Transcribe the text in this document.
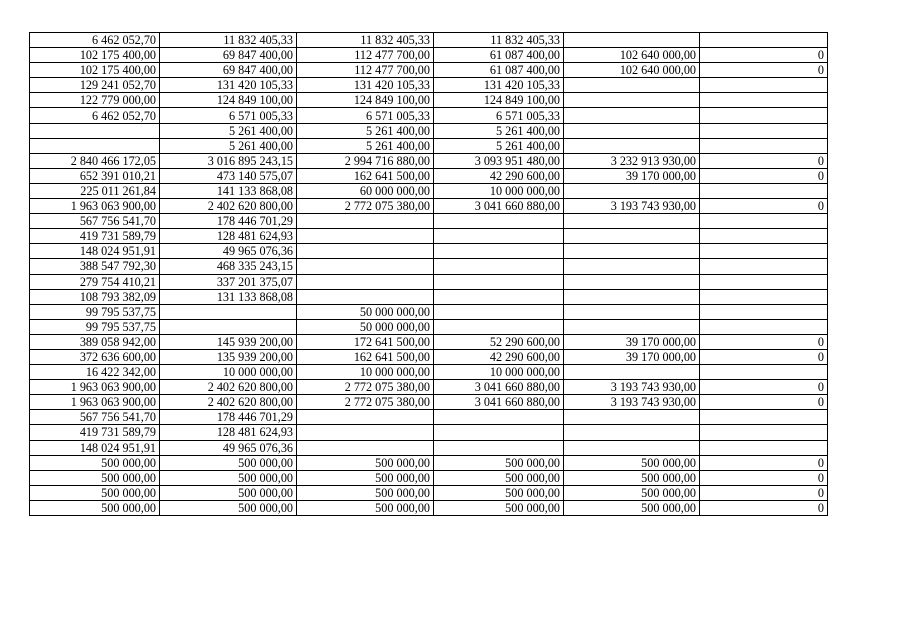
6 462 052,70	11 832 405,33	11 832 405,33	11 832 405,33		
102 175 400,00	69 847 400,00	112 477 700,00	61 087 400,00	102 640 000,00	0
102 175 400,00	69 847 400,00	112 477 700,00	61 087 400,00	102 640 000,00	0
129 241 052,70	131 420 105,33	131 420 105,33	131 420 105,33		
122 779 000,00	124 849 100,00	124 849 100,00	124 849 100,00		
6 462 052,70	6 571 005,33	6 571 005,33	6 571 005,33		
	5 261 400,00	5 261 400,00	5 261 400,00		
	5 261 400,00	5 261 400,00	5 261 400,00		
2 840 466 172,05	3 016 895 243,15	2 994 716 880,00	3 093 951 480,00	3 232 913 930,00	0
652 391 010,21	473 140 575,07	162 641 500,00	42 290 600,00	39 170 000,00	0
225 011 261,84	141 133 868,08	60 000 000,00	10 000 000,00		
1 963 063 900,00	2 402 620 800,00	2 772 075 380,00	3 041 660 880,00	3 193 743 930,00	0
567 756 541,70	178 446 701,29				
419 731 589,79	128 481 624,93				
148 024 951,91	49 965 076,36				
388 547 792,30	468 335 243,15				
279 754 410,21	337 201 375,07				
108 793 382,09	131 133 868,08				
99 795 537,75		50 000 000,00			
99 795 537,75		50 000 000,00			
389 058 942,00	145 939 200,00	172 641 500,00	52 290 600,00	39 170 000,00	0
372 636 600,00	135 939 200,00	162 641 500,00	42 290 600,00	39 170 000,00	0
16 422 342,00	10 000 000,00	10 000 000,00	10 000 000,00		
1 963 063 900,00	2 402 620 800,00	2 772 075 380,00	3 041 660 880,00	3 193 743 930,00	0
1 963 063 900,00	2 402 620 800,00	2 772 075 380,00	3 041 660 880,00	3 193 743 930,00	0
567 756 541,70	178 446 701,29				
419 731 589,79	128 481 624,93				
148 024 951,91	49 965 076,36				
500 000,00	500 000,00	500 000,00	500 000,00	500 000,00	0
500 000,00	500 000,00	500 000,00	500 000,00	500 000,00	0
500 000,00	500 000,00	500 000,00	500 000,00	500 000,00	0
500 000,00	500 000,00	500 000,00	500 000,00	500 000,00	0
